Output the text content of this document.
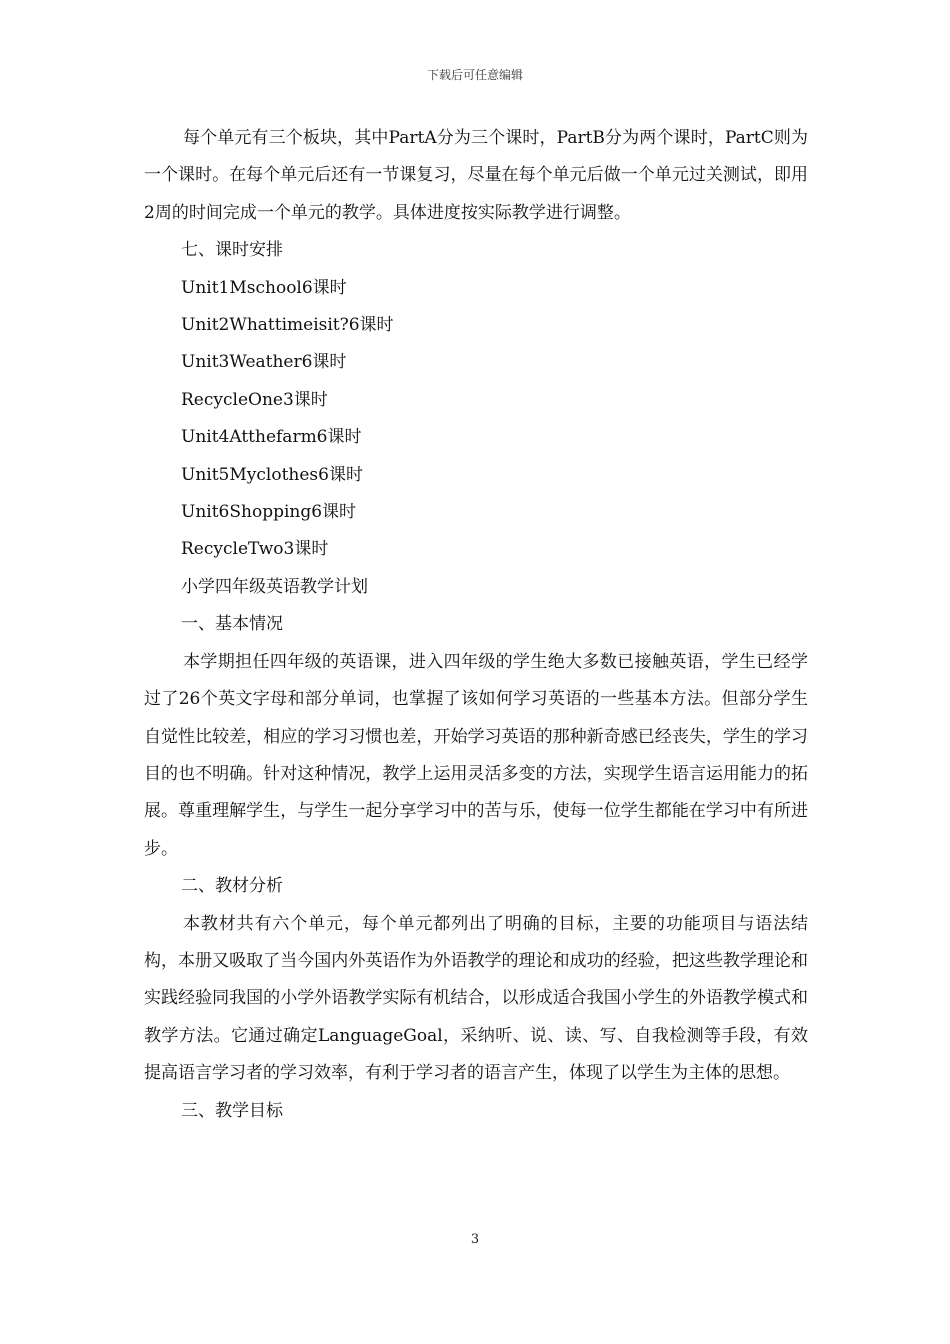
下载后可任意编辑

每个单元有三个板块，其中PartA分为三个课时，PartB分为两个课时，PartC则为一个课时。在每个单元后还有一节课复习，尽量在每个单元后做一个单元过关测试，即用2周的时间完成一个单元的教学。具体进度按实际教学进行调整。

七、课时安排

Unit1Mschool6课时

Unit2Whattimeisit?6课时

Unit3Weather6课时

RecycleOne3课时

Unit4Atthefarm6课时

Unit5Myclothes6课时

Unit6Shopping6课时

RecycleTwo3课时

小学四年级英语教学计划

一、基本情况

本学期担任四年级的英语课，进入四年级的学生绝大多数已接触英语，学生已经学过了26个英文字母和部分单词，也掌握了该如何学习英语的一些基本方法。但部分学生自觉性比较差，相应的学习习惯也差，开始学习英语的那种新奇感已经丧失，学生的学习目的也不明确。针对这种情况，教学上运用灵活多变的方法，实现学生语言运用能力的拓展。尊重理解学生，与学生一起分享学习中的苦与乐，使每一位学生都能在学习中有所进步。

二、教材分析

本教材共有六个单元，每个单元都列出了明确的目标，主要的功能项目与语法结构，本册又吸取了当今国内外英语作为外语教学的理论和成功的经验，把这些教学理论和实践经验同我国的小学外语教学实际有机结合，以形成适合我国小学生的外语教学模式和教学方法。它通过确定LanguageGoal，采纳听、说、读、写、自我检测等手段，有效提高语言学习者的学习效率，有利于学习者的语言产生，体现了以学生为主体的思想。

三、教学目标

3
